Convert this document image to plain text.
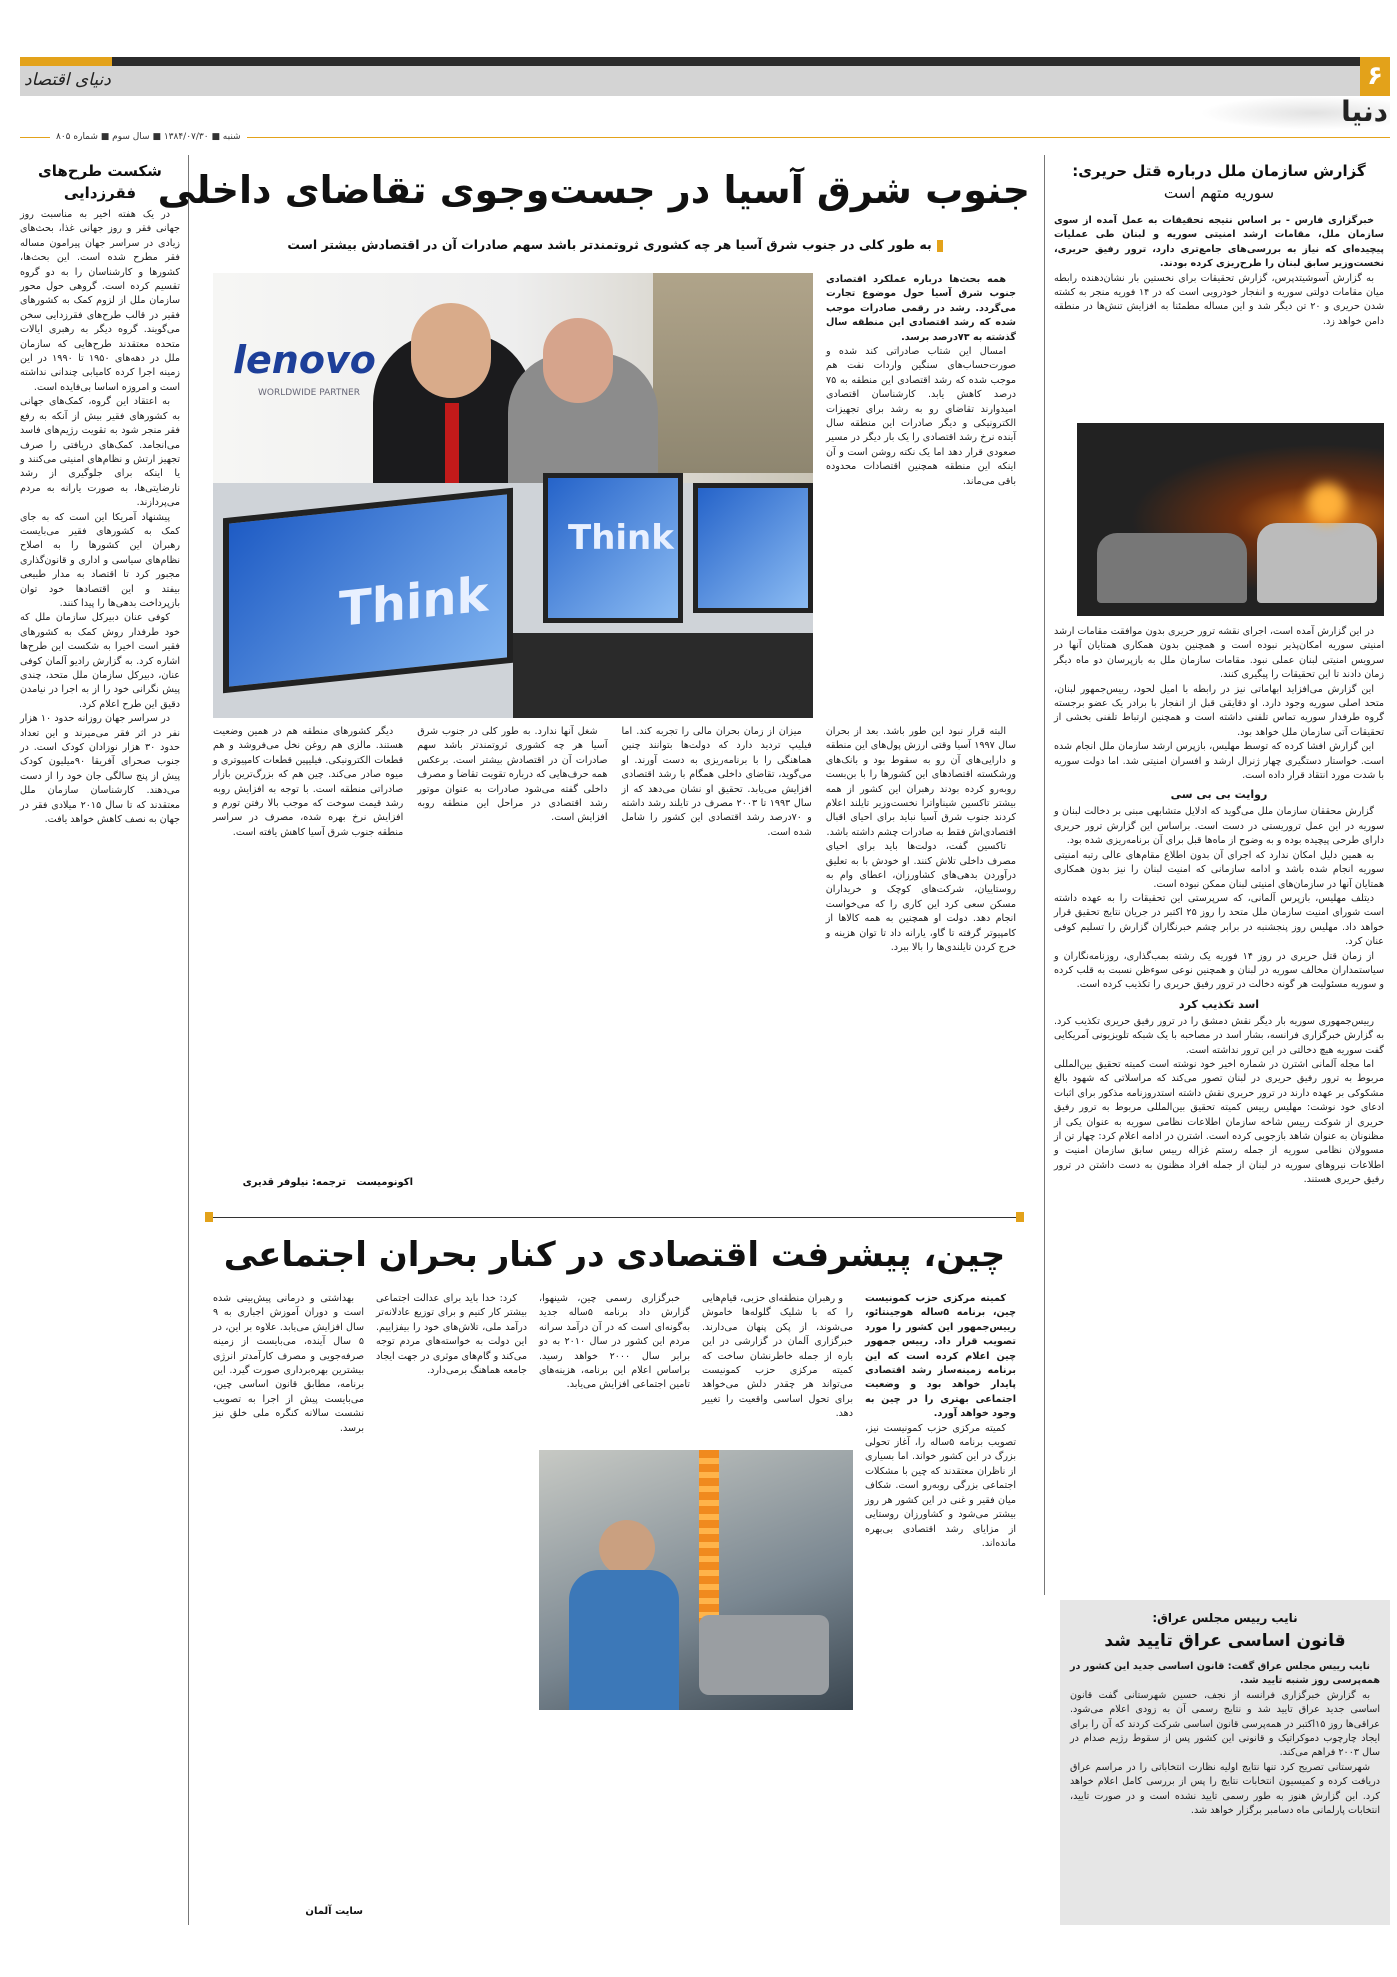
۶
دنیای اقتصاد
دنیا
شنبه ■ ۱۳۸۴/۰۷/۳۰ ■ سال سوم ■ شماره ۸۰۵
شکست طرح‌های فقرزدایی

در یک هفته اخیر به مناسبت روز جهانی فقر و روز جهانی غذا، بحث‌های زیادی در سراسر جهان پیرامون مساله فقر مطرح شده است. این بحث‌ها، کشورها و کارشناسان را به دو گروه تقسیم کرده است. گروهی حول محور سازمان ملل از لزوم کمک به کشورهای فقیر در قالب طرح‌های فقرزدایی سخن می‌گویند. گروه دیگر به رهبری ایالات متحده معتقدند طرح‌هایی که سازمان ملل در دهه‌های ۱۹۵۰ تا ۱۹۹۰ در این زمینه اجرا کرده کامیابی چندانی نداشته است و امروزه اساسا بی‌فایده است.

به اعتقاد این گروه، کمک‌های جهانی به کشورهای فقیر بیش از آنکه به رفع فقر منجر شود به تقویت رژیم‌های فاسد می‌انجامد. کمک‌های دریافتی را صرف تجهیز ارتش و نظام‌های امنیتی می‌کنند و یا اینکه برای جلوگیری از رشد نارضایتی‌ها، به صورت یارانه به مردم می‌پردازند.

پیشنهاد آمریکا این است که به جای کمک به کشورهای فقیر می‌بایست رهبران این کشورها را به اصلاح نظام‌های سیاسی و اداری و قانون‌گذاری مجبور کرد تا اقتصاد به مدار طبیعی بیفتد و این اقتصادها خود توان بازپرداخت بدهی‌ها را پیدا کنند.

کوفی عنان دبیرکل سازمان ملل که خود طرفدار روش کمک به کشورهای فقیر است اخیرا به شکست این طرح‌ها اشاره کرد. به گزارش رادیو آلمان کوفی عنان، دبیرکل سازمان ملل متحد، چندی پیش نگرانی خود را از به اجرا در نیامدن دقیق این طرح اعلام کرد.

در سراسر جهان روزانه حدود ۱۰ هزار نفر در اثر فقر می‌میرند و این تعداد حدود ۳۰ هزار نوزادان کودک است. در جنوب صحرای آفریقا ۹۰میلیون کودک پیش از پنج سالگی جان خود را از دست می‌دهند. کارشناسان سازمان ملل معتقدند که تا سال ۲۰۱۵ میلادی فقر در جهان به نصف کاهش خواهد یافت.

جنوب شرق آسیا در جست‌وجوی تقاضای داخلی
به طور کلی در جنوب شرق آسیا هر چه کشوری ثروتمندتر باشد سهم صادرات آن در اقتصادش بیشتر است
lenovo
WORLDWIDE PARTNER
Think
Think

همه بحث‌ها درباره عملکرد اقتصادی جنوب شرق آسیا حول موضوع تجارت می‌گردد. رشد در رقمی صادرات موجب شده که رشد اقتصادی این منطقه سال گذشته به ۷۳درصد برسد.

امسال این شتاب صادراتی کند شده و صورت‌حساب‌های سنگین واردات نفت هم موجب شده که رشد اقتصادی این منطقه به ۷۵ درصد کاهش یابد. کارشناسان اقتصادی امیدوارند تقاضای رو به رشد برای تجهیزات الکترونیکی و دیگر صادرات این منطقه سال آینده نرخ رشد اقتصادی را یک بار دیگر در مسیر صعودی قرار دهد اما یک نکته روشن است و آن اینکه این منطقه همچنین اقتصادات محدوده باقی می‌ماند.

البته قرار نبود این طور باشد. بعد از بحران سال ۱۹۹۷ آسیا وقتی ارزش پول‌های این منطقه و دارایی‌های آن رو به سقوط بود و بانک‌های ورشکسته اقتصادهای این کشورها را با بن‌بست روبه‌رو کرده بودند رهبران این کشور از همه بیشتر تاکسین شیناواترا نخست‌وزیر تایلند اعلام کردند جنوب شرق آسیا نباید برای احیای اقبال اقتصادی‌اش فقط به صادرات چشم داشته باشد.

تاکسین گفت، دولت‌ها باید برای احیای مصرف داخلی تلاش کنند. او خودش با به تعلیق درآوردن بدهی‌های کشاورزان، اعطای وام به روستاییان، شرکت‌های کوچک و خریداران مسکن سعی کرد این کاری را که می‌خواست انجام دهد. دولت او همچنین به همه کالاها از کامپیوتر گرفته تا گاو، یارانه داد تا توان هزینه و خرج کردن تایلندی‌ها را بالا ببرد.

میزان از زمان بحران مالی را تجربه کند. اما فیلیپ تردید دارد که دولت‌ها بتوانند چنین هماهنگی را با برنامه‌ریزی به دست آورند. او می‌گوید، تقاضای داخلی همگام با رشد اقتصادی افزایش می‌یابد. تحقیق او نشان می‌دهد که از سال ۱۹۹۳ تا ۲۰۰۳ مصرف در تایلند رشد داشته و ۷۰درصد رشد اقتصادی این کشور را شامل شده است.

شغل آنها ندارد. به طور کلی در جنوب شرق آسیا هر چه کشوری ثروتمندتر باشد سهم صادرات آن در اقتصادش بیشتر است. برعکس همه حرف‌هایی که درباره تقویت تقاضا و مصرف داخلی گفته می‌شود صادرات به عنوان موتور رشد اقتصادی در مراحل این منطقه روبه افزایش است.

دیگر کشورهای منطقه هم در همین وضعیت هستند. مالزی هم روغن نخل می‌فروشد و هم قطعات الکترونیکی. فیلیپین قطعات کامپیوتری و میوه صادر می‌کند. چین هم که بزرگ‌ترین بازار صادراتی منطقه است. با توجه به افزایش روبه رشد قیمت سوخت که موجب بالا رفتن تورم و افزایش نرخ بهره شده، مصرف در سراسر منطقه جنوب شرق آسیا کاهش یافته است.

اکونومیست   ترجمه: نیلوفر قدیری
گزارش سازمان ملل درباره قتل حریری:
سوریه متهم است

خبرگزاری فارس - بر اساس نتیجه تحقیقات به عمل آمده از سوی سازمان ملل، مقامات ارشد امنیتی سوریه و لبنان طی عملیات پیچیده‌ای که نیاز به بررسی‌های جامع‌تری دارد، ترور رفیق حریری، نخست‌وزیر سابق لبنان را طرح‌ریزی کرده بودند.

به گزارش آسوشیتدپرس، گزارش تحقیقات برای نخستین بار نشان‌دهنده رابطه میان مقامات دولتی سوریه و انفجار خودرویی است که در ۱۴ فوریه منجر به کشته شدن حریری و ۲۰ تن دیگر شد و این مساله مطمئنا به افزایش تنش‌ها در منطقه دامن خواهد زد.

در این گزارش آمده است، اجرای نقشه ترور حریری بدون موافقت مقامات ارشد امنیتی سوریه امکان‌پذیر نبوده است و همچنین بدون همکاری همتایان آنها در سرویس امنیتی لبنان عملی نبود. مقامات سازمان ملل به بازپرسان دو ماه دیگر زمان دادند تا این تحقیقات را پیگیری کنند.

این گزارش می‌افزاید ابهاماتی نیز در رابطه با امیل لحود، رییس‌جمهور لبنان، متحد اصلی سوریه وجود دارد. او دقایقی قبل از انفجار با برادر یک عضو برجسته گروه طرفدار سوریه تماس تلفنی داشته است و همچنین ارتباط تلفنی بخشی از تحقیقات آتی سازمان ملل خواهد بود.

این گزارش افشا کرده که توسط مهلیس، بازپرس ارشد سازمان ملل انجام شده است. خواستار دستگیری چهار ژنرال ارشد و افسران امنیتی شد. اما دولت سوریه با شدت مورد انتقاد قرار داده است.

روایت بی بی سی

گزارش محققان سازمان ملل می‌گوید که ادلایل متشابهی مبنی بر دخالت لبنان و سوریه در این عمل تروریستی در دست است. براساس این گزارش ترور حریری دارای طرحی پیچیده بوده و به وضوح از ماه‌ها قبل برای آن برنامه‌ریزی شده بود.

به همین دلیل امکان ندارد که اجرای آن بدون اطلاع مقام‌های عالی رتبه امنیتی سوریه انجام شده باشد و ادامه سازمانی که امنیت لبنان را نیز بدون همکاری همتایان آنها در سازمان‌های امنیتی لبنان ممکن نبوده است.

دیتلف مهلیس، بازپرس آلمانی، که سرپرستی این تحقیقات را به عهده داشته است شورای امنیت سازمان ملل متحد را روز ۲۵ اکتبر در جریان نتایج تحقیق قرار خواهد داد. مهلیس روز پنجشنبه در برابر چشم خبرنگاران گزارش را تسلیم کوفی عنان کرد.

از زمان قتل حریری در روز ۱۴ فوریه یک رشته بمب‌گذاری، روزنامه‌نگاران و سیاستمداران مخالف سوریه در لبنان و همچنین نوعی سوءظن نسبت به قلب کرده و سوریه مسئولیت هر گونه دخالت در ترور رفیق حریری را تکذیب کرده است.

اسد تکذیب کرد

رییس‌جمهوری سوریه بار دیگر نقش دمشق را در ترور رفیق حریری تکذیب کرد. به گزارش خبرگزاری فرانسه، بشار اسد در مصاحبه با یک شبکه تلویزیونی آمریکایی گفت سوریه هیچ دخالتی در این ترور نداشته است.

اما مجله آلمانی اشترن در شماره اخیر خود نوشته است کمیته تحقیق بین‌المللی مربوط به ترور رفیق حریری در لبنان تصور می‌کند که مراسلاتی که شهود بالغ مشکوکی بر عهده دارند در ترور حریری نقش داشته استدروزنامه مذکور برای اثبات ادعای خود نوشت: مهلیس رییس کمیته تحقیق بین‌المللی مربوط به ترور رفیق حریری از شوکت رییس شاخه سازمان اطلاعات نظامی سوریه به عنوان یکی از مظنونان به عنوان شاهد بازجویی کرده است. اشترن در ادامه اعلام کرد: چهار تن از مسوولان نظامی سوریه از جمله رستم غزاله رییس سابق سازمان امنیت و اطلاعات نیروهای سوریه در لبنان از جمله افراد مظنون به دست داشتن در ترور رفیق حریری هستند.

نایب رییس مجلس عراق:
قانون اساسی عراق تایید شد

نایب رییس مجلس عراق گفت: قانون اساسی جدید این کشور در همه‌پرسی روز شنبه تایید شد.

به گزارش خبرگزاری فرانسه از نجف، حسین شهرستانی گفت قانون اساسی جدید عراق تایید شد و نتایج رسمی آن به زودی اعلام می‌شود. عراقی‌ها روز ۱۵اکتبر در همه‌پرسی قانون اساسی شرکت کردند که آن را برای ایجاد چارچوب دموکراتیک و قانونی این کشور پس از سقوط رژیم صدام در سال ۲۰۰۳ فراهم می‌کند.

شهرستانی تصریح کرد تنها نتایج اولیه نظارت انتخاباتی را در مراسم عراق دریافت کرده و کمیسیون انتخابات نتایج را پس از بررسی کامل اعلام خواهد کرد. این گزارش هنوز به طور رسمی تایید نشده است و در صورت تایید، انتخابات پارلمانی ماه دسامبر برگزار خواهد شد.

چین، پیشرفت اقتصادی در کنار بحران اجتماعی

کمیته مرکزی حزب کمونیست چین، برنامه ۵ساله هوجینتائو، رییس‌جمهور این کشور را مورد تصویب قرار داد. رییس جمهور چین اعلام کرده است که این برنامه زمینه‌ساز رشد اقتصادی پایدار خواهد بود و وضعیت اجتماعی بهتری را در چین به وجود خواهد آورد.

کمیته مرکزی حزب کمونیست نیز، تصویب برنامه ۵ساله را، آغاز تحولی بزرگ در این کشور خواند. اما بسیاری از ناظران معتقدند که چین با مشکلات اجتماعی بزرگی روبه‌رو است. شکاف میان فقیر و غنی در این کشور هر روز بیشتر می‌شود و کشاورزان روستایی از مزایای رشد اقتصادی بی‌بهره مانده‌اند.

و رهبران منطقه‌ای حزبی، قیام‌هایی را که با شلیک گلوله‌ها خاموش می‌شوند، از پکن پنهان می‌دارند. خبرگزاری آلمان در گزارشی در این باره از جمله خاطرنشان ساخت که کمیته مرکزی حزب کمونیست می‌تواند هر چقدر دلش می‌خواهد برای تحول اساسی واقعیت را تغییر دهد.

خبرگزاری رسمی چین، شینهوا، گزارش داد برنامه ۵ساله جدید به‌گونه‌ای است که در آن درآمد سرانه مردم این کشور در سال ۲۰۱۰ به دو برابر سال ۲۰۰۰ خواهد رسید. براساس اعلام این برنامه، هزینه‌های تامین اجتماعی افزایش می‌یابد.

کرد: خدا باید برای عدالت اجتماعی بیشتر کار کنیم و برای توزیع عادلانه‌تر درآمد ملی، تلاش‌های خود را بیفزاییم. این دولت به خواسته‌های مردم توجه می‌کند و گام‌های موثری در جهت ایجاد جامعه هماهنگ برمی‌دارد.

بهداشتی و درمانی پیش‌بینی شده است و دوران آموزش اجباری به ۹ سال افزایش می‌یابد. علاوه بر این، در ۵ سال آینده، می‌بایست از زمینه صرفه‌جویی و مصرف کارآمدتر انرژی بیشترین بهره‌برداری صورت گیرد. این برنامه، مطابق قانون اساسی چین، می‌بایست پیش از اجرا به تصویب نشست سالانه کنگره ملی خلق نیز برسد.

سایت آلمان
